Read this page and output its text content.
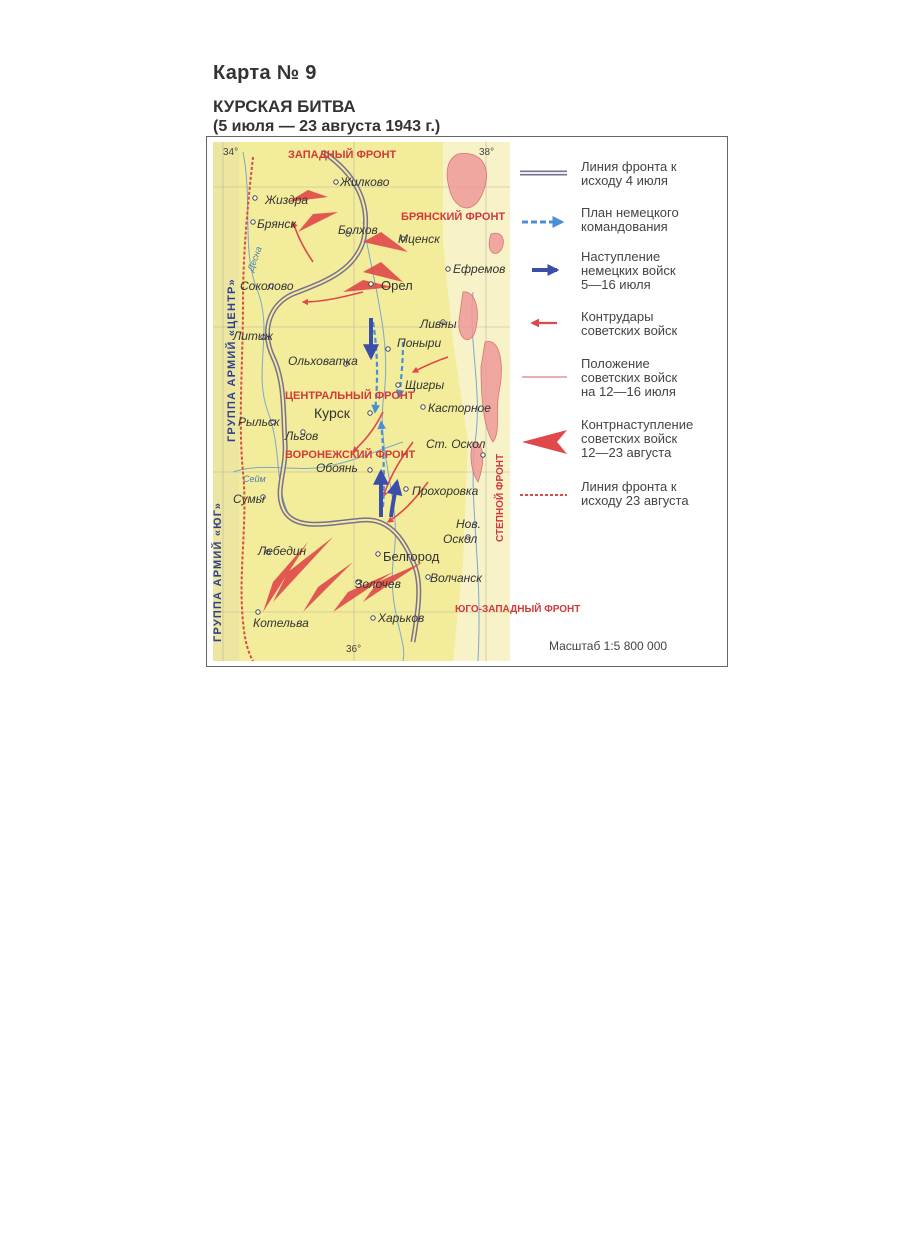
Карта № 9
КУРСКАЯ БИТВА
(5 июля — 23 августа 1943 г.)
34°	38°
36°
ГРУППА АРМИЙ «ЦЕНТР»
ГРУППА АРМИЙ «ЮГ»
ЗАПАДНЫЙ ФРОНТ
БРЯНСКИЙ ФРОНТ
ЦЕНТРАЛЬНЫЙ ФРОНТ
ВОРОНЕЖСКИЙ ФРОНТ
ЮГО-ЗАПАДНЫЙ ФРОНТ
СТЕПНОЙ ФРОНТ
Жилково
Жиздра
Брянск	Болхов
Мценск
Ефремов
Соколово	Орел
Литиж
Ливны
Поныри
Ольховатка
Щигры
Курск	Касторное
Рыльск
Льгов
Ст. Оскол
Обоянь
Сумы
Прохоровка
Нов.
Оскол
Лебедин	Белгород
Золочев Волчанск
Котельва	Харьков
Десна
Сейм
Линия фронта к
исходу 4 июля
План немецкого
командования
Наступление
немецких войск
5—16 июля
Контрудары
советских войск
Положение
советских войск
на 12—16 июля
Контрнаступление
советских войск
12—23 августа
Линия фронта к
исходу 23 августа
Масштаб 1:5 800 000
